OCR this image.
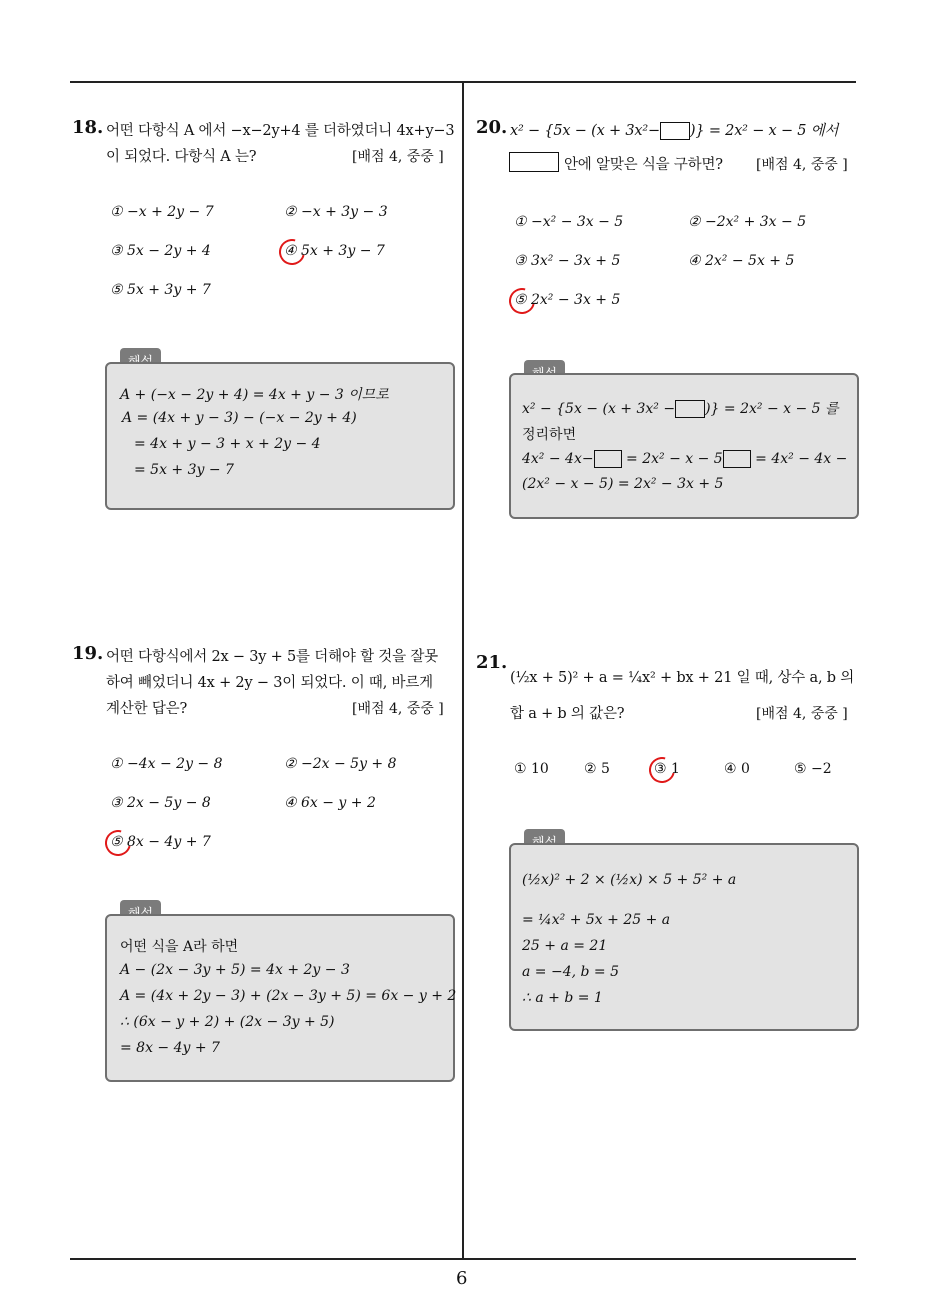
18. 어떤 다항식 A 에서 −x−2y+4 를 더하였더니 4x+y−3
이 되었다. 다항식 A 는?	[배점 4, 중중 ]
① −x + 2y − 7	② −x + 3y − 3
③ 5x − 2y + 4	④ 5x + 3y − 7
⑤ 5x + 3y + 7
A + (−x − 2y + 4) = 4x + y − 3 이므로
A = (4x + y − 3) − (−x − 2y + 4)
= 4x + y − 3 + x + 2y − 4
= 5x + 3y − 7
19. 어떤 다항식에서 2x − 3y + 5를 더해야 할 것을 잘못
하여 빼었더니 4x + 2y − 3이 되었다. 이 때, 바르게
계산한 답은?	[배점 4, 중중 ]
① −4x − 2y − 8	② −2x − 5y + 8
③ 2x − 5y − 8	④ 6x − y + 2
⑤ 8x − 4y + 7
어떤 식을 A라 하면
A − (2x − 3y + 5) = 4x + 2y − 3
A = (4x + 2y − 3) + (2x − 3y + 5) = 6x − y + 2
∴ (6x − y + 2) + (2x − 3y + 5)
= 8x − 4y + 7
20. x² − {5x − (x + 3x²− )} = 2x² − x − 5 에서
안에 알맞은 식을 구하면? [배점 4, 중중 ]
① −x² − 3x − 5	② −2x² + 3x − 5
③ 3x² − 3x + 5	④ 2x² − 5x + 5
⑤ 2x² − 3x + 5
x² − {5x − (x + 3x² − )} = 2x² − x − 5 를
정리하면
4x² − 4x− = 2x² − x − 5 = 4x² − 4x −
(2x² − x − 5) = 2x² − 3x + 5
21.
(½x + 5)² + a = ¼x² + bx + 21 일 때, 상수 a, b 의
합 a + b 의 값은?	[배점 4, 중중 ]
① 10	② 5	③ 1	④ 0	⑤ −2
(½x)² + 2 × (½x) × 5 + 5² + a
= ¼x² + 5x + 25 + a
25 + a = 21
a = −4, b = 5
∴ a + b = 1
6
